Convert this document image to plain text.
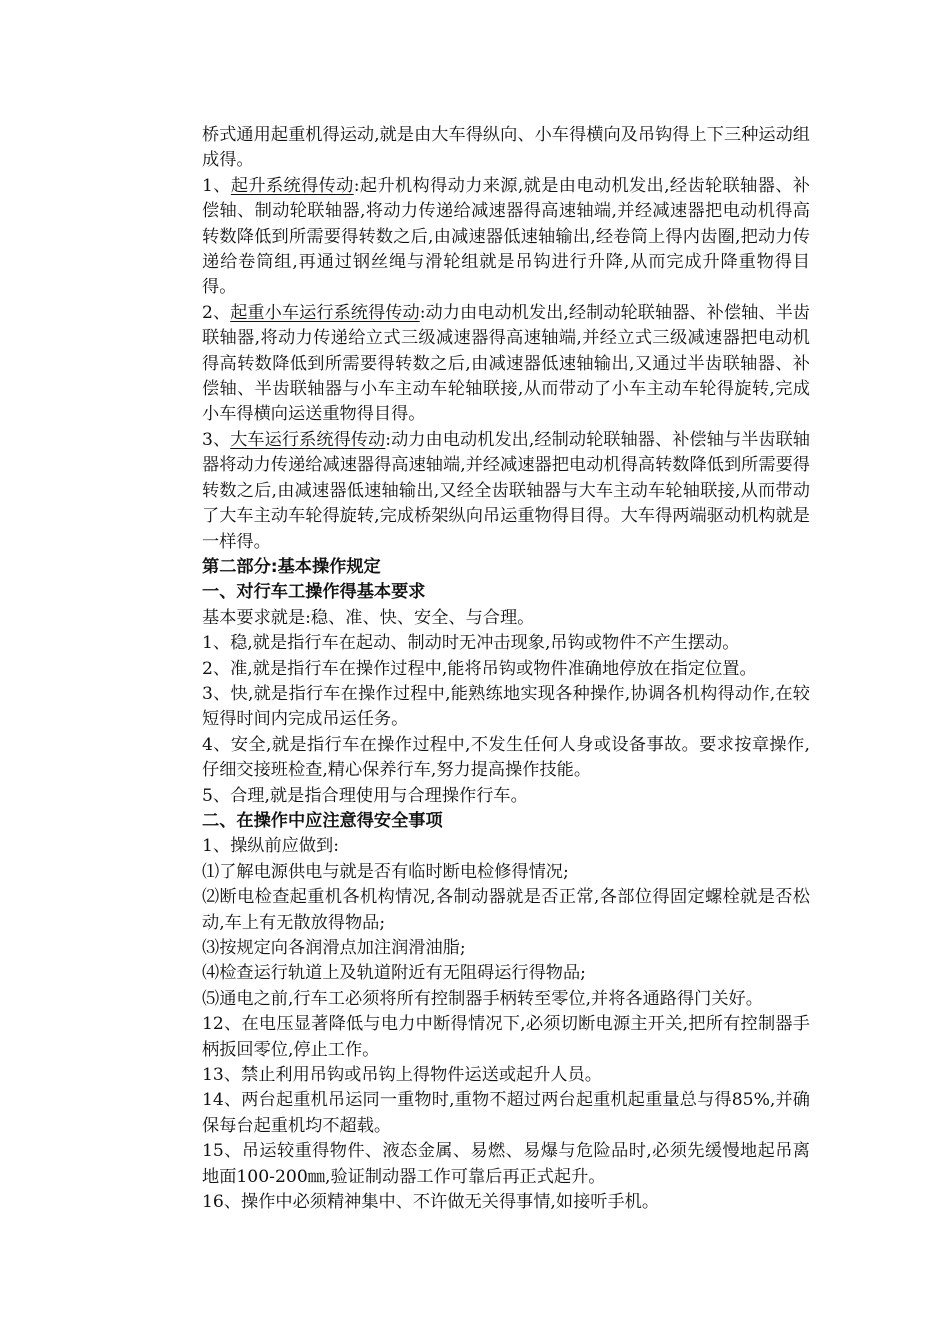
桥式通用起重机得运动,就是由大车得纵向、小车得横向及吊钩得上下三种运动组成得。

1、起升系统得传动:起升机构得动力来源,就是由电动机发出,经齿轮联轴器、补偿轴、制动轮联轴器,将动力传递给减速器得高速轴端,并经减速器把电动机得高转数降低到所需要得转数之后,由减速器低速轴输出,经卷筒上得内齿圈,把动力传递给卷筒组,再通过钢丝绳与滑轮组就是吊钩进行升降,从而完成升降重物得目得。

2、起重小车运行系统得传动:动力由电动机发出,经制动轮联轴器、补偿轴、半齿联轴器,将动力传递给立式三级减速器得高速轴端,并经立式三级减速器把电动机得高转数降低到所需要得转数之后,由减速器低速轴输出,又通过半齿联轴器、补偿轴、半齿联轴器与小车主动车轮轴联接,从而带动了小车主动车轮得旋转,完成小车得横向运送重物得目得。

3、大车运行系统得传动:动力由电动机发出,经制动轮联轴器、补偿轴与半齿联轴器将动力传递给减速器得高速轴端,并经减速器把电动机得高转数降低到所需要得转数之后,由减速器低速轴输出,又经全齿联轴器与大车主动车轮轴联接,从而带动了大车主动车轮得旋转,完成桥架纵向吊运重物得目得。大车得两端驱动机构就是一样得。

第二部分:基本操作规定

一、对行车工操作得基本要求

基本要求就是:稳、准、快、安全、与合理。

1、稳,就是指行车在起动、制动时无冲击现象,吊钩或物件不产生摆动。

2、准,就是指行车在操作过程中,能将吊钩或物件准确地停放在指定位置。

3、快,就是指行车在操作过程中,能熟练地实现各种操作,协调各机构得动作,在较短得时间内完成吊运任务。

4、安全,就是指行车在操作过程中,不发生任何人身或设备事故。要求按章操作,仔细交接班检查,精心保养行车,努力提高操作技能。

5、合理,就是指合理使用与合理操作行车。

二、在操作中应注意得安全事项

1、操纵前应做到:

⑴了解电源供电与就是否有临时断电检修得情况;

⑵断电检查起重机各机构情况,各制动器就是否正常,各部位得固定螺栓就是否松动,车上有无散放得物品;

⑶按规定向各润滑点加注润滑油脂;

⑷检查运行轨道上及轨道附近有无阻碍运行得物品;

⑸通电之前,行车工必须将所有控制器手柄转至零位,并将各通路得门关好。

12、在电压显著降低与电力中断得情况下,必须切断电源主开关,把所有控制器手柄扳回零位,停止工作。

13、禁止利用吊钩或吊钩上得物件运送或起升人员。

14、两台起重机吊运同一重物时,重物不超过两台起重机起重量总与得85%,并确保每台起重机均不超载。

15、吊运较重得物件、液态金属、易燃、易爆与危险品时,必须先缓慢地起吊离地面100-200㎜,验证制动器工作可靠后再正式起升。

16、操作中必须精神集中、不许做无关得事情,如接听手机。
